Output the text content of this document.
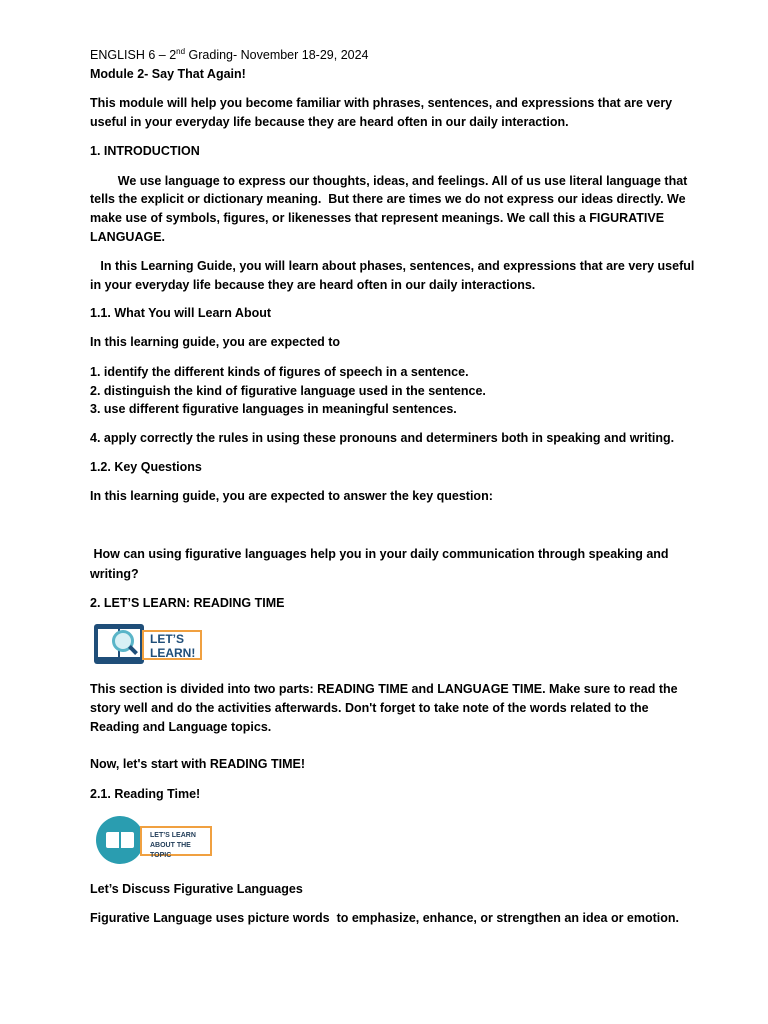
ENGLISH 6 – 2nd Grading- November 18-29, 2024
Module 2- Say That Again!
This module will help you become familiar with phrases, sentences, and expressions that are very
useful in your everyday life because they are heard often in our daily interaction.
1. INTRODUCTION
We use language to express our thoughts, ideas, and feelings. All of us use literal language that
tells the explicit or dictionary meaning.  But there are times we do not express our ideas directly. We
make use of symbols, figures, or likenesses that represent meanings. We call this a FIGURATIVE
LANGUAGE.
In this Learning Guide, you will learn about phases, sentences, and expressions that are very useful
in your everyday life because they are heard often in our daily interactions.
1.1. What You will Learn About
In this learning guide, you are expected to
1. identify the different kinds of figures of speech in a sentence.
2. distinguish the kind of figurative language used in the sentence.
3. use different figurative languages in meaningful sentences.
4. apply correctly the rules in using these pronouns and determiners both in speaking and writing.
1.2. Key Questions
In this learning guide, you are expected to answer the key question:
How can using figurative languages help you in your daily communication through speaking and
writing?
2. LET’S LEARN: READING TIME
LET’S
LEARN!
This section is divided into two parts: READING TIME and LANGUAGE TIME. Make sure to read the
story well and do the activities afterwards. Don't forget to take note of the words related to the
Reading and Language topics.
Now, let's start with READING TIME!
2.1. Reading Time!
LET’S LEARN
ABOUT THE TOPIC
Let’s Discuss Figurative Languages
Figurative Language uses picture words  to emphasize, enhance, or strengthen an idea or emotion.
